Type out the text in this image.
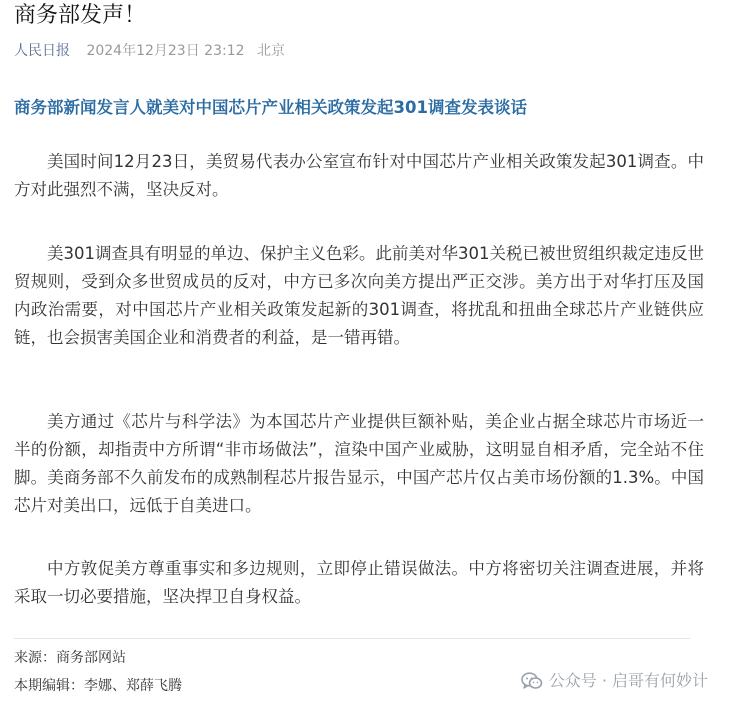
商务部发声！
人民日报 2024年12月23日 23:12 北京
商务部新闻发言人就美对中国芯片产业相关政策发起301调查发表谈话
美国时间12月23日，美贸易代表办公室宣布针对中国芯片产业相关政策发起301调查。中方对此强烈不满，坚决反对。
美301调查具有明显的单边、保护主义色彩。此前美对华301关税已被世贸组织裁定违反世贸规则，受到众多世贸成员的反对，中方已多次向美方提出严正交涉。美方出于对华打压及国内政治需要，对中国芯片产业相关政策发起新的301调查，将扰乱和扭曲全球芯片产业链供应链，也会损害美国企业和消费者的利益，是一错再错。
美方通过《芯片与科学法》为本国芯片产业提供巨额补贴，美企业占据全球芯片市场近一半的份额，却指责中方所谓“非市场做法”，渲染中国产业威胁，这明显自相矛盾，完全站不住脚。美商务部不久前发布的成熟制程芯片报告显示，中国产芯片仅占美市场份额的1.3%。中国芯片对美出口，远低于自美进口。
中方敦促美方尊重事实和多边规则，立即停止错误做法。中方将密切关注调查进展，并将采取一切必要措施，坚决捍卫自身权益。
来源：商务部网站
本期编辑：李娜、郑薛飞腾	公众号 · 启哥有何妙计
